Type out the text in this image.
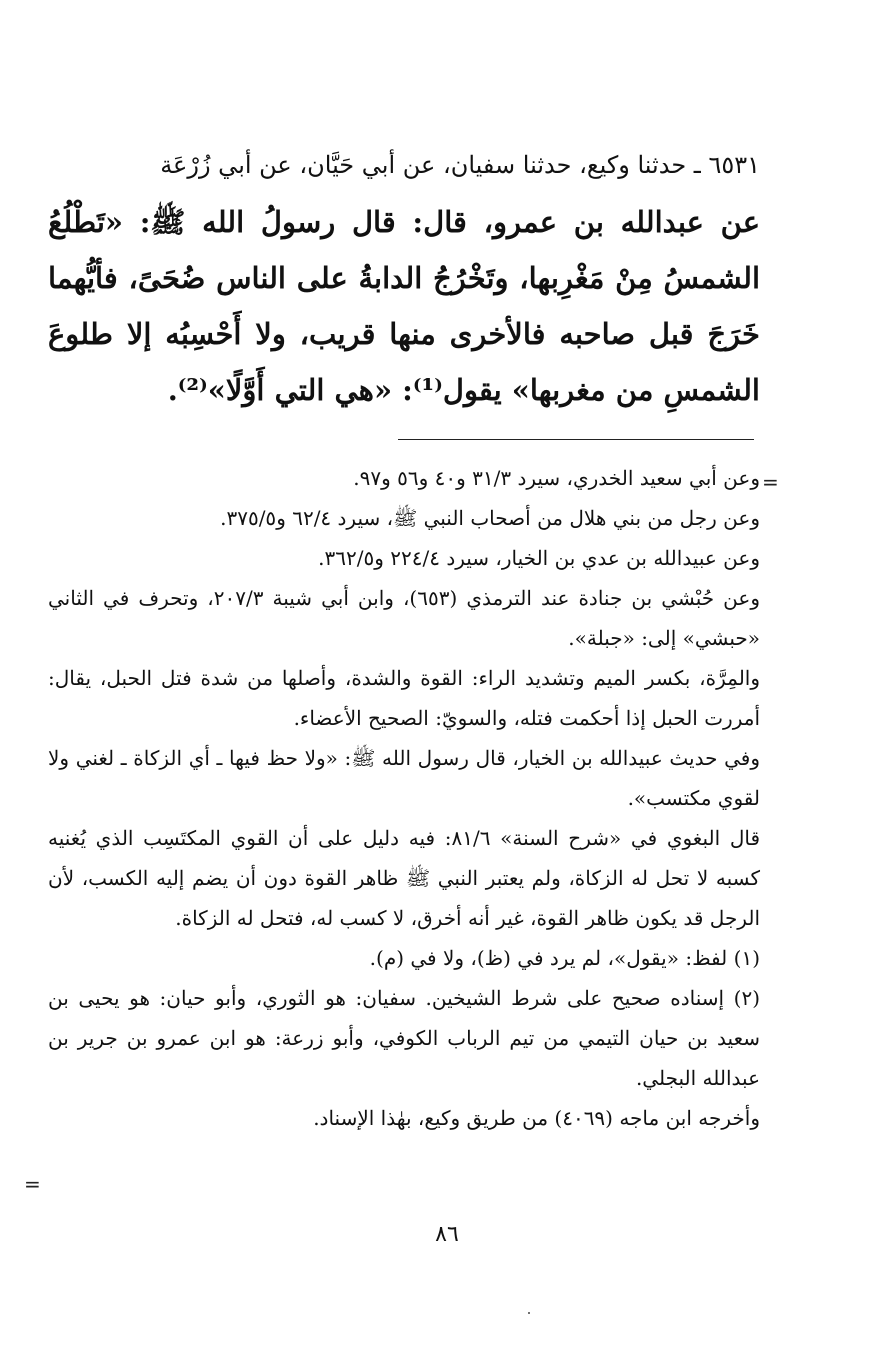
٦٥٣١ ـ حدثنا وكيع، حدثنا سفيان، عن أبي حَيَّان، عن أبي زُرْعَة

عن عبدالله بن عمرو، قال: قال رسولُ الله ﷺ: «تَطْلُعُ الشمسُ مِنْ مَغْرِبها، وتَخْرُجُ الدابةُ على الناس ضُحَىً، فأيُّهما خَرَجَ قبل صاحبه فالأخرى منها قريب، ولا أَحْسِبُه إلا طلوعَ الشمسِ من مغربها» يقول⁽¹⁾: «هي التي أَوَّلًا»⁽²⁾.

=

وعن أبي سعيد الخدري، سيرد ٣١/٣ و٤٠ و٥٦ و٩٧.

وعن رجل من بني هلال من أصحاب النبي ﷺ، سيرد ٦٢/٤ و٣٧٥/٥.

وعن عبيدالله بن عدي بن الخيار، سيرد ٢٢٤/٤ و٣٦٢/٥.

وعن حُبْشي بن جنادة عند الترمذي (٦٥٣)، وابن أبي شيبة ٢٠٧/٣، وتحرف في الثاني «حبشي» إلى: «جبلة».

والمِرَّة، بكسر الميم وتشديد الراء: القوة والشدة، وأصلها من شدة فتل الحبل، يقال: أمررت الحبل إذا أحكمت فتله، والسويّ: الصحيح الأعضاء.

وفي حديث عبيدالله بن الخيار، قال رسول الله ﷺ: «ولا حظ فيها ـ أي الزكاة ـ لغني ولا لقوي مكتسب».

قال البغوي في «شرح السنة» ٨١/٦: فيه دليل على أن القوي المكتَسِب الذي يُغنيه كسبه لا تحل له الزكاة، ولم يعتبر النبي ﷺ ظاهر القوة دون أن يضم إليه الكسب، لأن الرجل قد يكون ظاهر القوة، غير أنه أخرق، لا كسب له، فتحل له الزكاة.

(١) لفظ: «يقول»، لم يرد في (ظ)، ولا في (م).

(٢) إسناده صحيح على شرط الشيخين. سفيان: هو الثوري، وأبو حيان: هو يحيى بن سعيد بن حيان التيمي من تيم الرباب الكوفي، وأبو زرعة: هو ابن عمرو بن جرير بن عبدالله البجلي.

وأخرجه ابن ماجه (٤٠٦٩) من طريق وكيع، بهٰذا الإسناد.

=
٨٦
